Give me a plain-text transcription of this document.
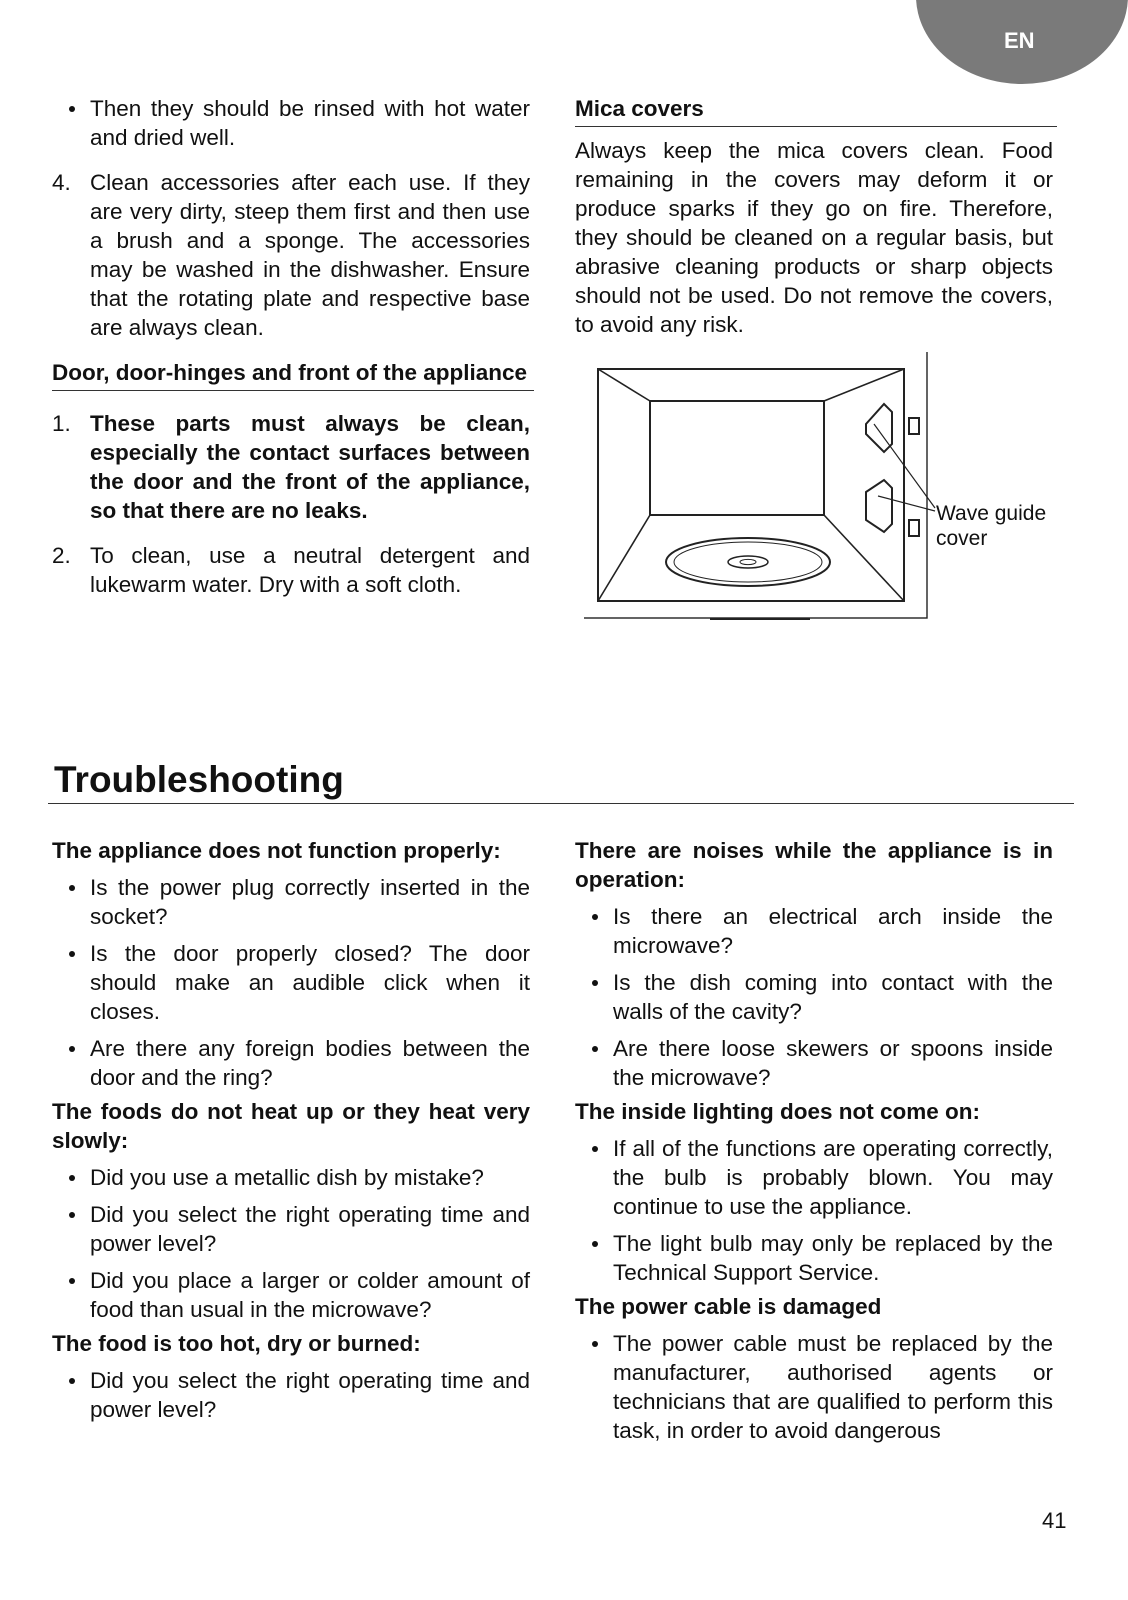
EN
Then they should be rinsed with hot water and dried well.
4. Clean accessories after each use. If they are very dirty, steep them first and then use a brush and a sponge. The accessories may be washed in the dishwasher. Ensure that the rotating plate and respective base are always clean.
Door, door-hinges and front of the appliance
1. These parts must always be clean, especially the contact surfaces between the door and the front of the appliance, so that there are no leaks.
2. To clean, use a neutral detergent and lukewarm water. Dry with a soft cloth.
Mica covers
Always keep the mica covers clean. Food remaining in the covers may deform it or produce sparks if they go on fire. Therefore, they should be cleaned on a regular basis, but abrasive cleaning products or sharp objects should not be used. Do not remove the covers, to avoid any risk.
Wave guide
cover
Troubleshooting
The appliance does not function properly:
Is the power plug correctly inserted in the socket?
Is the door properly closed? The door should make an audible click when it closes.
Are there any foreign bodies between the door and the ring?
The foods do not heat up or they heat very slowly:
Did you use a metallic dish by mistake?
Did you select the right operating time and power level?
Did you place a larger or colder amount of food than usual in the microwave?
The food is too hot, dry or burned:
Did you select the right operating time and power level?
There are noises while the appliance is in operation:
Is there an electrical arch inside the microwave?
Is the dish coming into contact with the walls of the cavity?
Are there loose skewers or spoons inside the microwave?
The inside lighting does not come on:
If all of the functions are operating correctly, the bulb is probably blown. You may continue to use the appliance.
The light bulb may only be replaced by the Technical Support Service.
The power cable is damaged
The power cable must be replaced by the manufacturer, authorised agents or technicians that are qualified to perform this task, in order to avoid dangerous
41
